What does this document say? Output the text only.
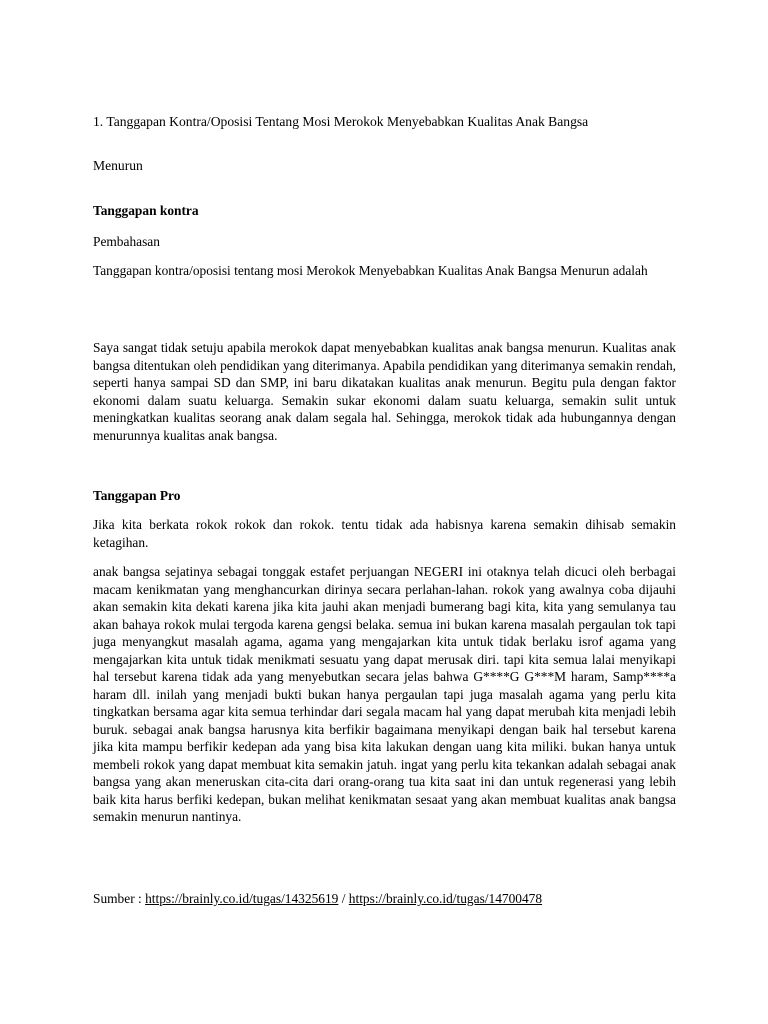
1. Tanggapan Kontra/Oposisi Tentang Mosi Merokok Menyebabkan Kualitas Anak Bangsa

Menurun

Tanggapan kontra

Pembahasan

Tanggapan kontra/oposisi tentang mosi Merokok Menyebabkan Kualitas Anak Bangsa Menurun adalah

Saya sangat tidak setuju apabila merokok dapat menyebabkan kualitas anak bangsa menurun. Kualitas anak bangsa ditentukan oleh pendidikan yang diterimanya. Apabila pendidikan yang diterimanya semakin rendah, seperti hanya sampai SD dan SMP, ini baru dikatakan kualitas anak menurun. Begitu pula dengan faktor ekonomi dalam suatu keluarga. Semakin sukar ekonomi dalam suatu keluarga, semakin sulit untuk meningkatkan kualitas seorang anak dalam segala hal. Sehingga, merokok tidak ada hubungannya dengan menurunnya kualitas anak bangsa.

Tanggapan Pro

Jika kita berkata rokok rokok dan rokok. tentu tidak ada habisnya karena semakin dihisab semakin ketagihan.

anak bangsa sejatinya sebagai tonggak estafet perjuangan NEGERI ini otaknya telah dicuci oleh berbagai macam kenikmatan yang menghancurkan dirinya secara perlahan-lahan. rokok yang awalnya coba dijauhi akan semakin kita dekati karena jika kita jauhi akan menjadi bumerang bagi kita, kita yang semulanya tau akan bahaya rokok mulai tergoda karena gengsi belaka. semua ini bukan karena masalah pergaulan tok tapi juga menyangkut masalah agama, agama yang mengajarkan kita untuk tidak berlaku isrof agama yang mengajarkan kita untuk tidak menikmati sesuatu yang dapat merusak diri. tapi kita semua lalai menyikapi hal tersebut karena tidak ada yang menyebutkan secara jelas bahwa G****G G***M haram, Samp****a haram dll. inilah yang menjadi bukti bukan hanya pergaulan tapi juga masalah agama yang perlu kita tingkatkan bersama agar kita semua terhindar dari segala macam hal yang dapat merubah kita menjadi lebih buruk. sebagai anak bangsa harusnya kita berfikir bagaimana menyikapi dengan baik hal tersebut karena jika kita mampu berfikir kedepan ada yang bisa kita lakukan dengan uang kita miliki. bukan hanya untuk membeli rokok yang dapat membuat kita semakin jatuh. ingat yang perlu kita tekankan adalah sebagai anak bangsa yang akan meneruskan cita-cita dari orang-orang tua kita saat ini dan untuk regenerasi yang lebih baik kita harus berfiki kedepan, bukan melihat kenikmatan sesaat yang akan membuat kualitas anak bangsa semakin menurun nantinya.

Sumber : https://brainly.co.id/tugas/14325619 / https://brainly.co.id/tugas/14700478
